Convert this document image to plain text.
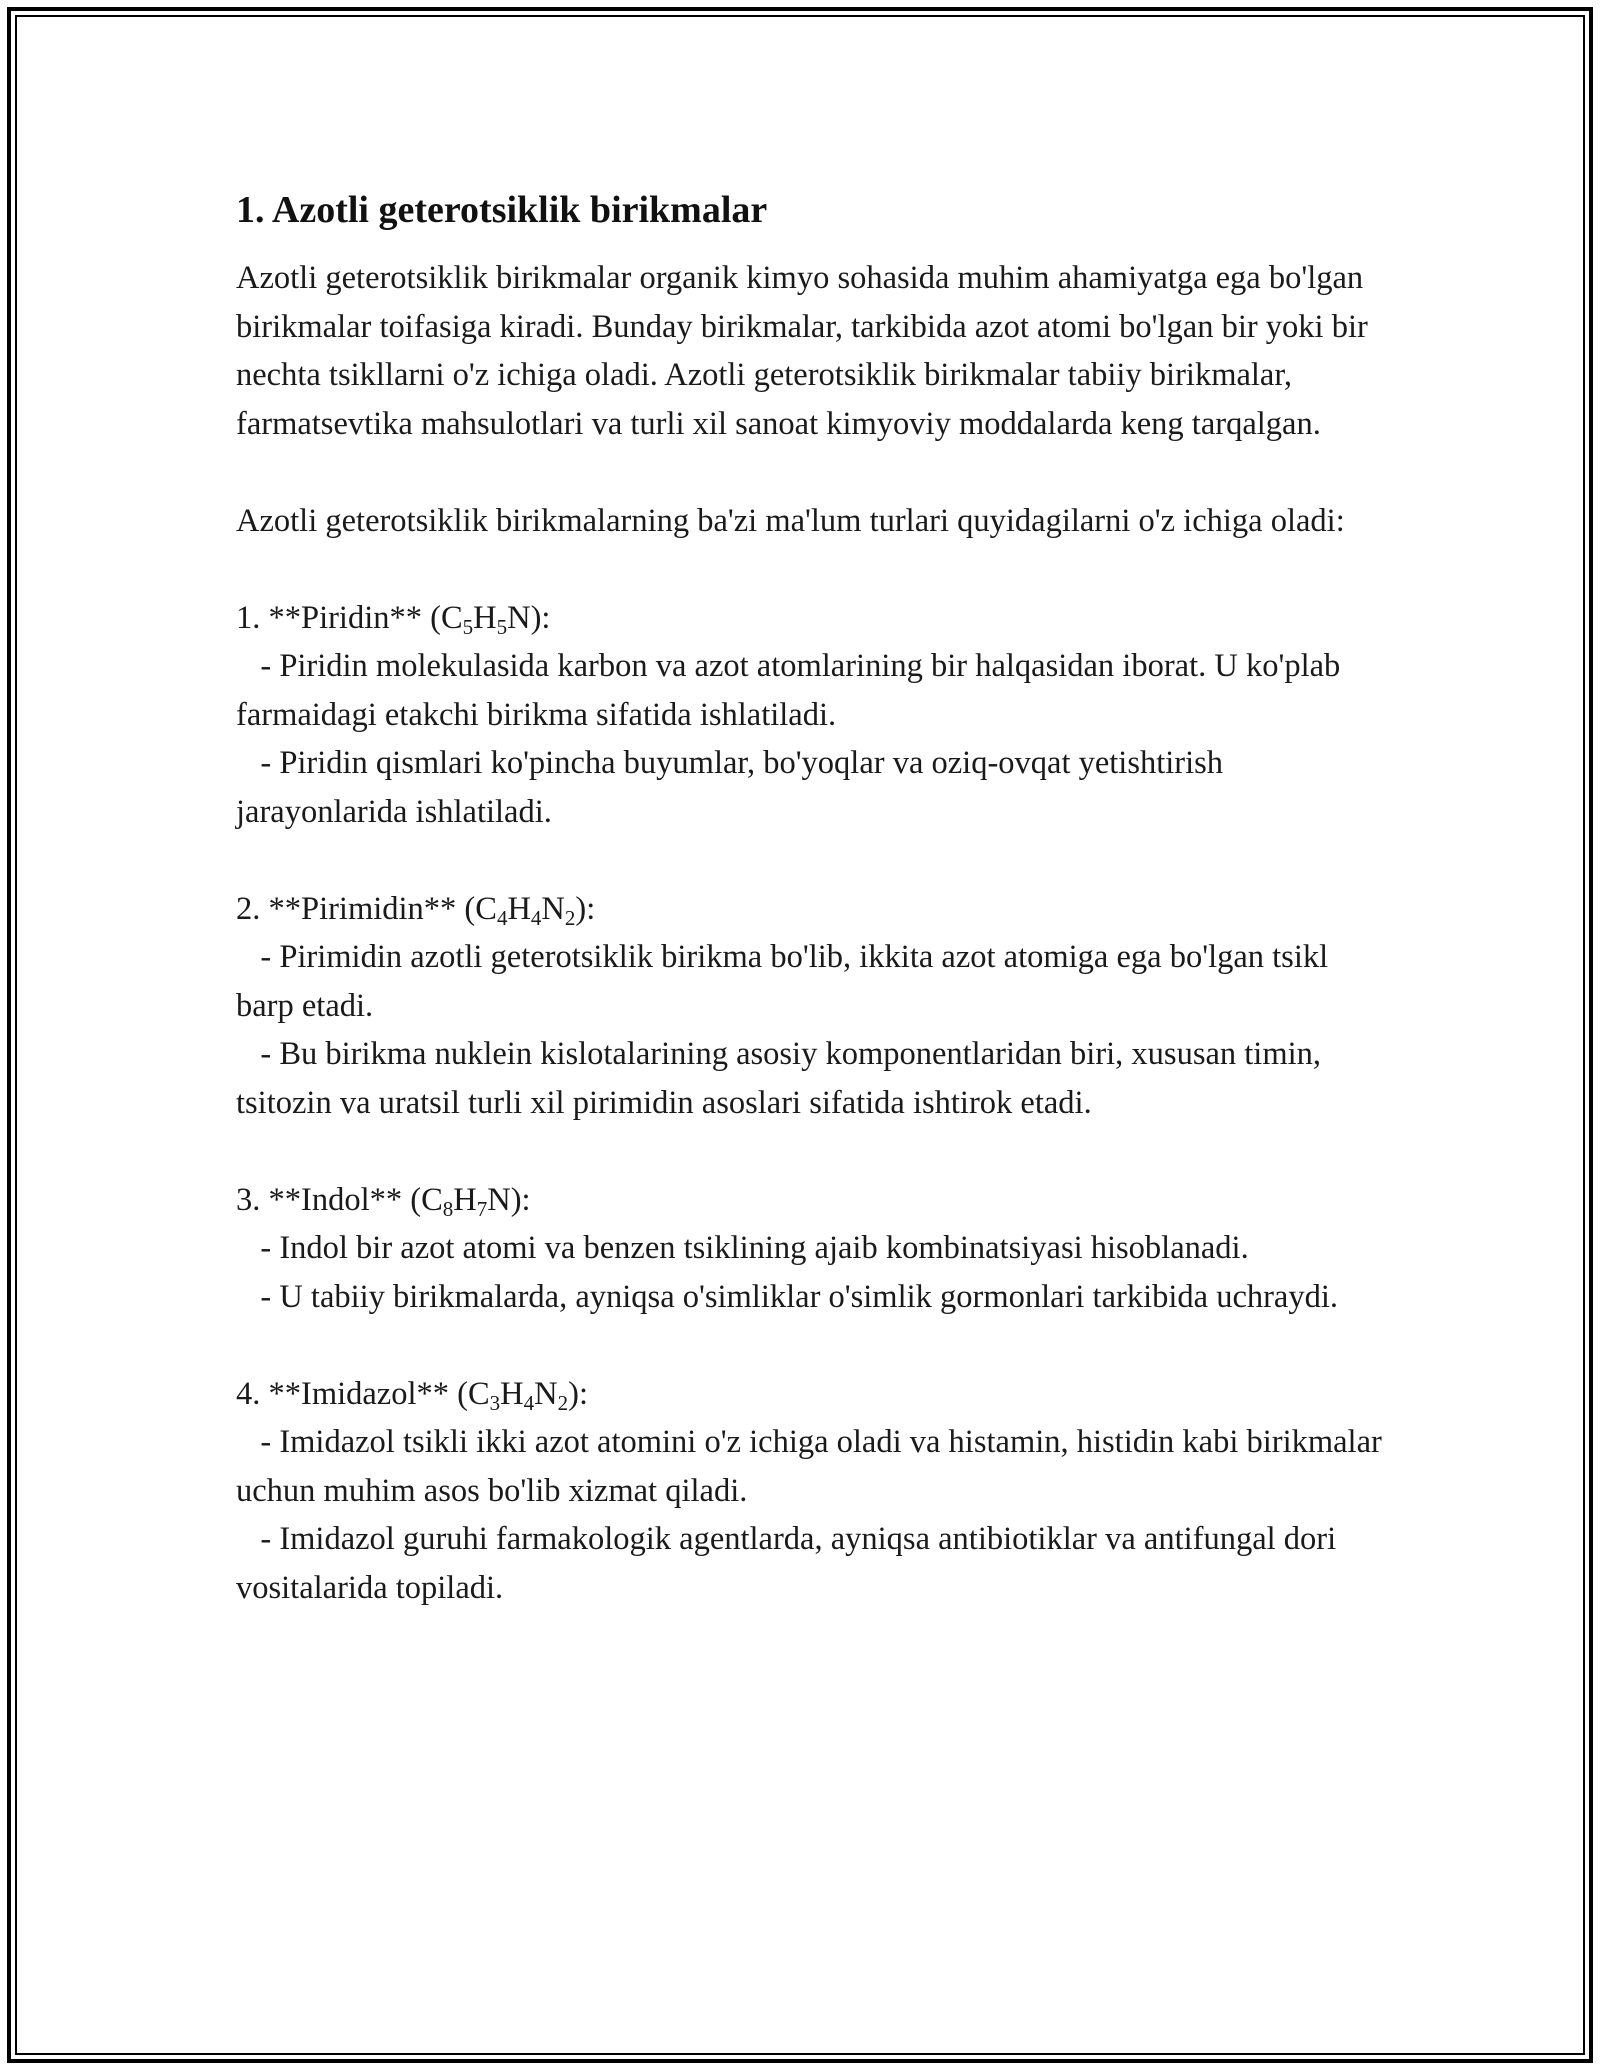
1. Azotli geterotsiklik birikmalar

Azotli geterotsiklik birikmalar organik kimyo sohasida muhim ahamiyatga ega bo'lgan birikmalar toifasiga kiradi. Bunday birikmalar, tarkibida azot atomi bo'lgan bir yoki bir nechta tsikllarni o'z ichiga oladi. Azotli geterotsiklik birikmalar tabiiy birikmalar, farmatsevtika mahsulotlari va turli xil sanoat kimyoviy moddalarda keng tarqalgan.

Azotli geterotsiklik birikmalarning ba'zi ma'lum turlari quyidagilarni o'z ichiga oladi:

1. **Piridin** $(C_5H_5N)$:

- Piridin molekulasida karbon va azot atomlarining bir halqasidan iborat. U ko'plab farmaidagi etakchi birikma sifatida ishlatiladi.

- Piridin qismlari ko'pincha buyumlar, bo'yoqlar va oziq-ovqat yetishtirish jarayonlarida ishlatiladi.

2. **Pirimidin** $(C_4H_4N_2)$:

- Pirimidin azotli geterotsiklik birikma bo'lib, ikkita azot atomiga ega bo'lgan tsikl barp etadi.

- Bu birikma nuklein kislotalarining asosiy komponentlaridan biri, xususan timin, tsitozin va uratsil turli xil pirimidin asoslari sifatida ishtirok etadi.

3. **Indol** $(C_8H_7N)$:

- Indol bir azot atomi va benzen tsiklining ajaib kombinatsiyasi hisoblanadi.

- U tabiiy birikmalarda, ayniqsa o'simliklar o'simlik gormonlari tarkibida uchraydi.

4. **Imidazol** $(C_3H_4N_2)$:

- Imidazol tsikli ikki azot atomini o'z ichiga oladi va histamin, histidin kabi birikmalar uchun muhim asos bo'lib xizmat qiladi.

- Imidazol guruhi farmakologik agentlarda, ayniqsa antibiotiklar va antifungal dori vositalarida topiladi.
